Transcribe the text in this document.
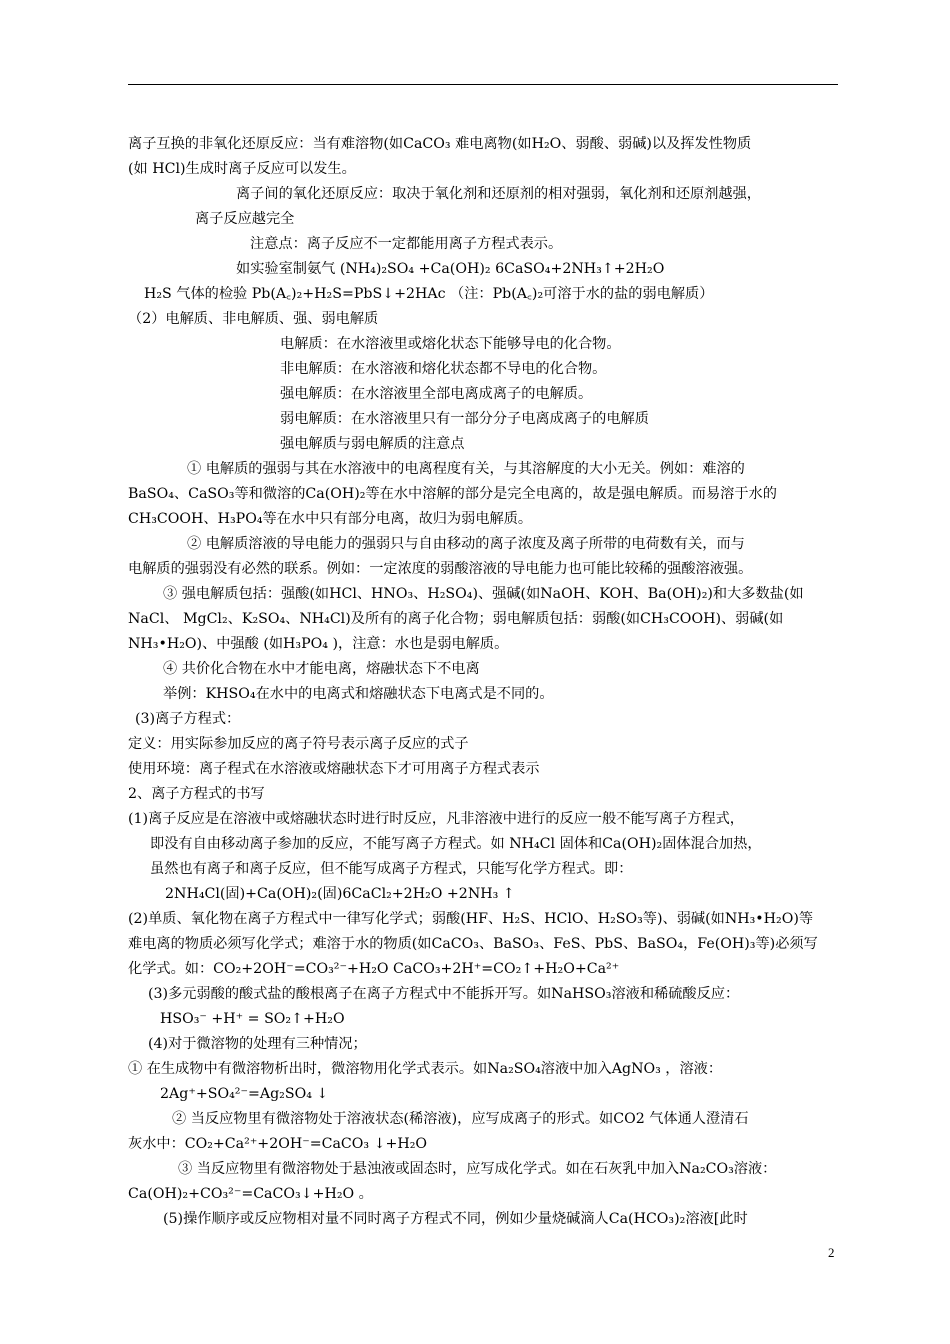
离子互换的非氧化还原反应：当有难溶物(如CaCO₃ 难电离物(如H₂O、弱酸、弱碱)以及挥发性物质
(如 HCl)生成时离子反应可以发生。
离子间的氧化还原反应：取决于氧化剂和还原剂的相对强弱，氧化剂和还原剂越强，
离子反应越完全
注意点：离子反应不一定都能用离子方程式表示。
如实验室制氨气 (NH₄)₂SO₄ +Ca(OH)₂ 6CaSO₄+2NH₃↑+2H₂O
H₂S 气体的检验 Pb(A꜀)₂+H₂S=PbS↓+2HAc （注：Pb(A꜀)₂可溶于水的盐的弱电解质）
（2）电解质、非电解质、强、弱电解质
电解质：在水溶液里或熔化状态下能够导电的化合物。
非电解质：在水溶液和熔化状态都不导电的化合物。
强电解质：在水溶液里全部电离成离子的电解质。
弱电解质：在水溶液里只有一部分分子电离成离子的电解质
强电解质与弱电解质的注意点
① 电解质的强弱与其在水溶液中的电离程度有关，与其溶解度的大小无关。例如：难溶的
BaSO₄、CaSO₃等和微溶的Ca(OH)₂等在水中溶解的部分是完全电离的，故是强电解质。而易溶于水的
CH₃COOH、H₃PO₄等在水中只有部分电离，故归为弱电解质。
② 电解质溶液的导电能力的强弱只与自由移动的离子浓度及离子所带的电荷数有关，而与
电解质的强弱没有必然的联系。例如：一定浓度的弱酸溶液的导电能力也可能比较稀的强酸溶液强。
③ 强电解质包括：强酸(如HCl、HNO₃、H₂SO₄)、强碱(如NaOH、KOH、Ba(OH)₂)和大多数盐(如
NaCl、 MgCl₂、K₂SO₄、NH₄Cl)及所有的离子化合物；弱电解质包括：弱酸(如CH₃COOH)、弱碱(如
NH₃•H₂O)、中强酸 (如H₃PO₄ )，注意：水也是弱电解质。
④ 共价化合物在水中才能电离，熔融状态下不电离
举例：KHSO₄在水中的电离式和熔融状态下电离式是不同的。
(3)离子方程式：
定义：用实际参加反应的离子符号表示离子反应的式子
使用环境：离子程式在水溶液或熔融状态下才可用离子方程式表示
2、离子方程式的书写
(1)离子反应是在溶液中或熔融状态时进行时反应，凡非溶液中进行的反应一般不能写离子方程式，
即没有自由移动离子参加的反应，不能写离子方程式。如 NH₄Cl 固体和Ca(OH)₂固体混合加热，
虽然也有离子和离子反应，但不能写成离子方程式，只能写化学方程式。即：
2NH₄Cl(固)+Ca(OH)₂(固)6CaCl₂+2H₂O +2NH₃ ↑
(2)单质、氧化物在离子方程式中一律写化学式；弱酸(HF、H₂S、HClO、H₂SO₃等)、弱碱(如NH₃•H₂O)等
难电离的物质必须写化学式；难溶于水的物质(如CaCO₃、BaSO₃、FeS、PbS、BaSO₄，Fe(OH)₃等)必须写
化学式。如：CO₂+2OH⁻=CO₃²⁻+H₂O CaCO₃+2H⁺=CO₂↑+H₂O+Ca²⁺
(3)多元弱酸的酸式盐的酸根离子在离子方程式中不能拆开写。如NaHSO₃溶液和稀硫酸反应：
HSO₃⁻ +H⁺ = SO₂↑+H₂O
(4)对于微溶物的处理有三种情况；
① 在生成物中有微溶物析出时，微溶物用化学式表示。如Na₂SO₄溶液中加入AgNO₃ ，溶液：
2Ag⁺+SO₄²⁻=Ag₂SO₄ ↓
② 当反应物里有微溶物处于溶液状态(稀溶液)，应写成离子的形式。如CO2 气体通人澄清石
灰水中：CO₂+Ca²⁺+2OH⁻=CaCO₃ ↓+H₂O
③ 当反应物里有微溶物处于悬浊液或固态时，应写成化学式。如在石灰乳中加入Na₂CO₃溶液：
Ca(OH)₂+CO₃²⁻=CaCO₃↓+H₂O 。
(5)操作顺序或反应物相对量不同时离子方程式不同，例如少量烧碱滴人Ca(HCO₃)₂溶液[此时
2
